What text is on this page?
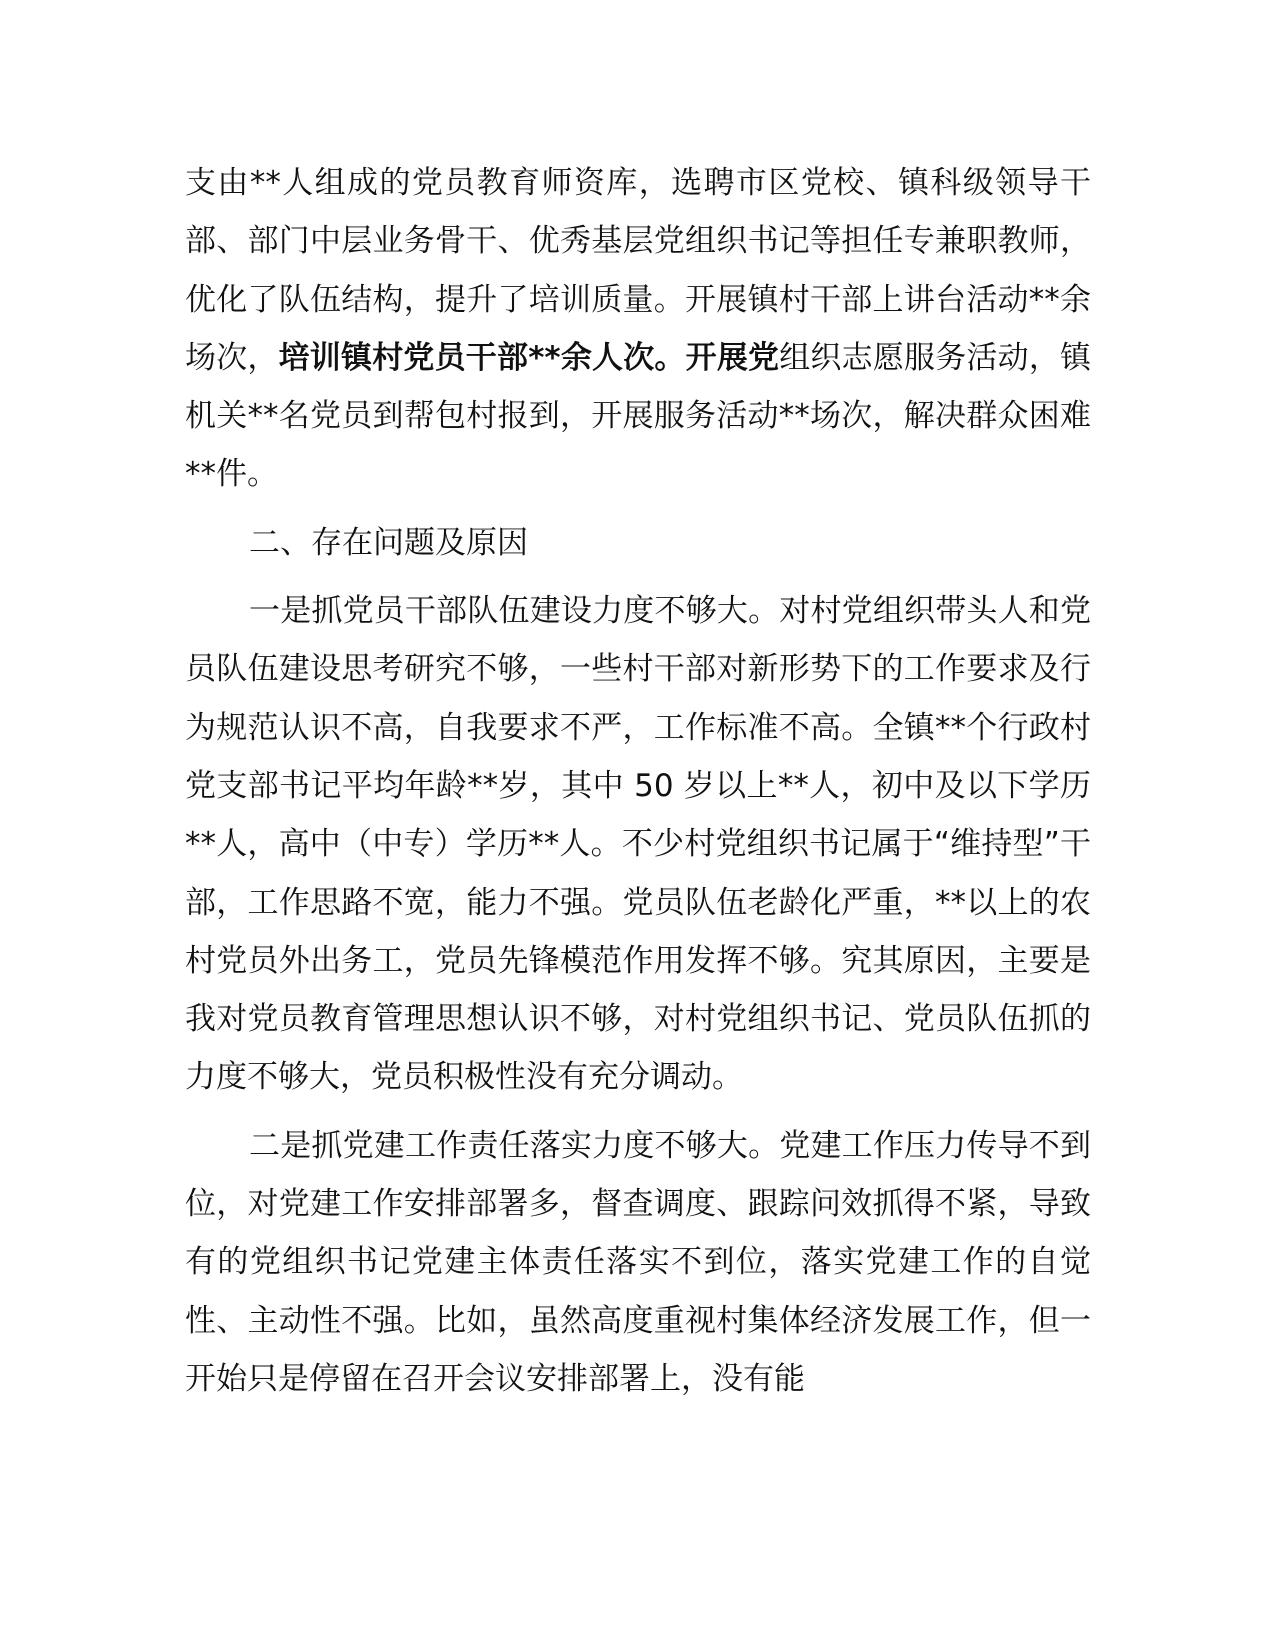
支由**人组成的党员教育师资库，选聘市区党校、镇科级领导干部、部门中层业务骨干、优秀基层党组织书记等担任专兼职教师，优化了队伍结构，提升了培训质量。开展镇村干部上讲台活动**余场次，培训镇村党员干部**余人次。开展党组织志愿服务活动，镇机关**名党员到帮包村报到，开展服务活动**场次，解决群众困难**件。

二、存在问题及原因

一是抓党员干部队伍建设力度不够大。对村党组织带头人和党员队伍建设思考研究不够，一些村干部对新形势下的工作要求及行为规范认识不高，自我要求不严，工作标准不高。全镇**个行政村党支部书记平均年龄**岁，其中 50 岁以上**人，初中及以下学历**人，高中（中专）学历**人。不少村党组织书记属于“维持型”干部，工作思路不宽，能力不强。党员队伍老龄化严重，**以上的农村党员外出务工，党员先锋模范作用发挥不够。究其原因，主要是我对党员教育管理思想认识不够，对村党组织书记、党员队伍抓的力度不够大，党员积极性没有充分调动。

二是抓党建工作责任落实力度不够大。党建工作压力传导不到位，对党建工作安排部署多，督查调度、跟踪问效抓得不紧，导致有的党组织书记党建主体责任落实不到位，落实党建工作的自觉性、主动性不强。比如，虽然高度重视村集体经济发展工作，但一开始只是停留在召开会议安排部署上，没有能
